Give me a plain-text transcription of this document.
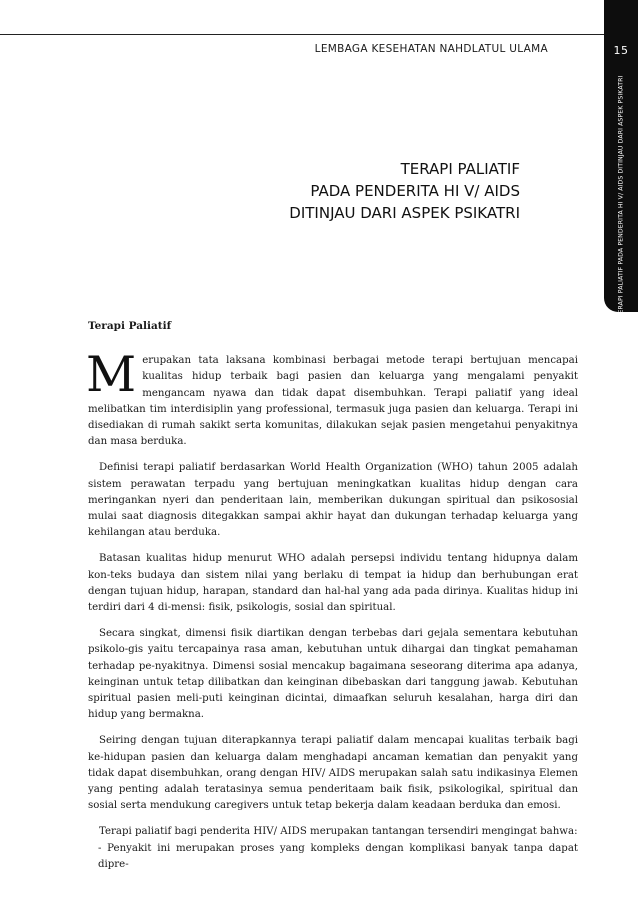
LEMBAGA KESEHATAN NAHDLATUL ULAMA	15
TERAPI PALIATIF PADA PENDERITA HI V/ AIDS DITINJAU DARI ASPEK PSIKATRI
TERAPI PALIATIF
PADA PENDERITA HI V/ AIDS
DITINJAU DARI ASPEK PSIKATRI
Terapi Paliatif

Merupakan tata laksana kombinasi berbagai metode terapi bertujuan mencapai kualitas hidup terbaik bagi pasien dan keluarga yang mengalami penyakit mengancam nyawa dan tidak dapat disembuhkan. Terapi paliatif yang ideal melibatkan tim interdisiplin yang professional, termasuk juga pasien dan keluarga. Terapi ini disediakan di rumah sakikt serta komunitas, dilakukan sejak pasien mengetahui penyakitnya dan masa berduka.

Definisi terapi paliatif berdasarkan World Health Organization (WHO) tahun 2005 adalah sistem perawatan terpadu yang bertujuan meningkatkan kualitas hidup dengan cara meringankan nyeri dan penderitaan lain, memberikan dukungan spiritual dan psikososial mulai saat diagnosis ditegakkan sampai akhir hayat dan dukungan terhadap keluarga yang kehilangan atau berduka.

Batasan kualitas hidup menurut WHO adalah persepsi individu tentang hidupnya dalam kon-teks budaya dan sistem nilai yang berlaku di tempat ia hidup dan berhubungan erat dengan tujuan hidup, harapan, standard dan hal-hal yang ada pada dirinya. Kualitas hidup ini terdiri dari 4 di-mensi: fisik, psikologis, sosial dan spiritual.

Secara singkat, dimensi fisik diartikan dengan terbebas dari gejala sementara kebutuhan psikolo-gis yaitu tercapainya rasa aman, kebutuhan untuk dihargai dan tingkat pemahaman terhadap pe-nyakitnya. Dimensi sosial mencakup bagaimana seseorang diterima apa adanya, keinginan untuk tetap dilibatkan dan keinginan dibebaskan dari tanggung jawab. Kebutuhan spiritual pasien meli-puti keinginan dicintai, dimaafkan seluruh kesalahan, harga diri dan hidup yang bermakna.

Seiring dengan tujuan diterapkannya terapi paliatif dalam mencapai kualitas terbaik bagi ke-hidupan pasien dan keluarga dalam menghadapi ancaman kematian dan penyakit yang tidak dapat disembuhkan, orang dengan HIV/ AIDS merupakan salah satu indikasinya Elemen yang penting adalah teratasinya semua penderitaam baik fisik, psikologikal, spiritual dan sosial serta mendukung caregivers untuk tetap bekerja dalam keadaan berduka dan emosi.

Terapi paliatif bagi penderita HIV/ AIDS merupakan tantangan tersendiri mengingat bahwa:

- Penyakit ini merupakan proses yang kompleks dengan komplikasi banyak tanpa dapat dipre-
